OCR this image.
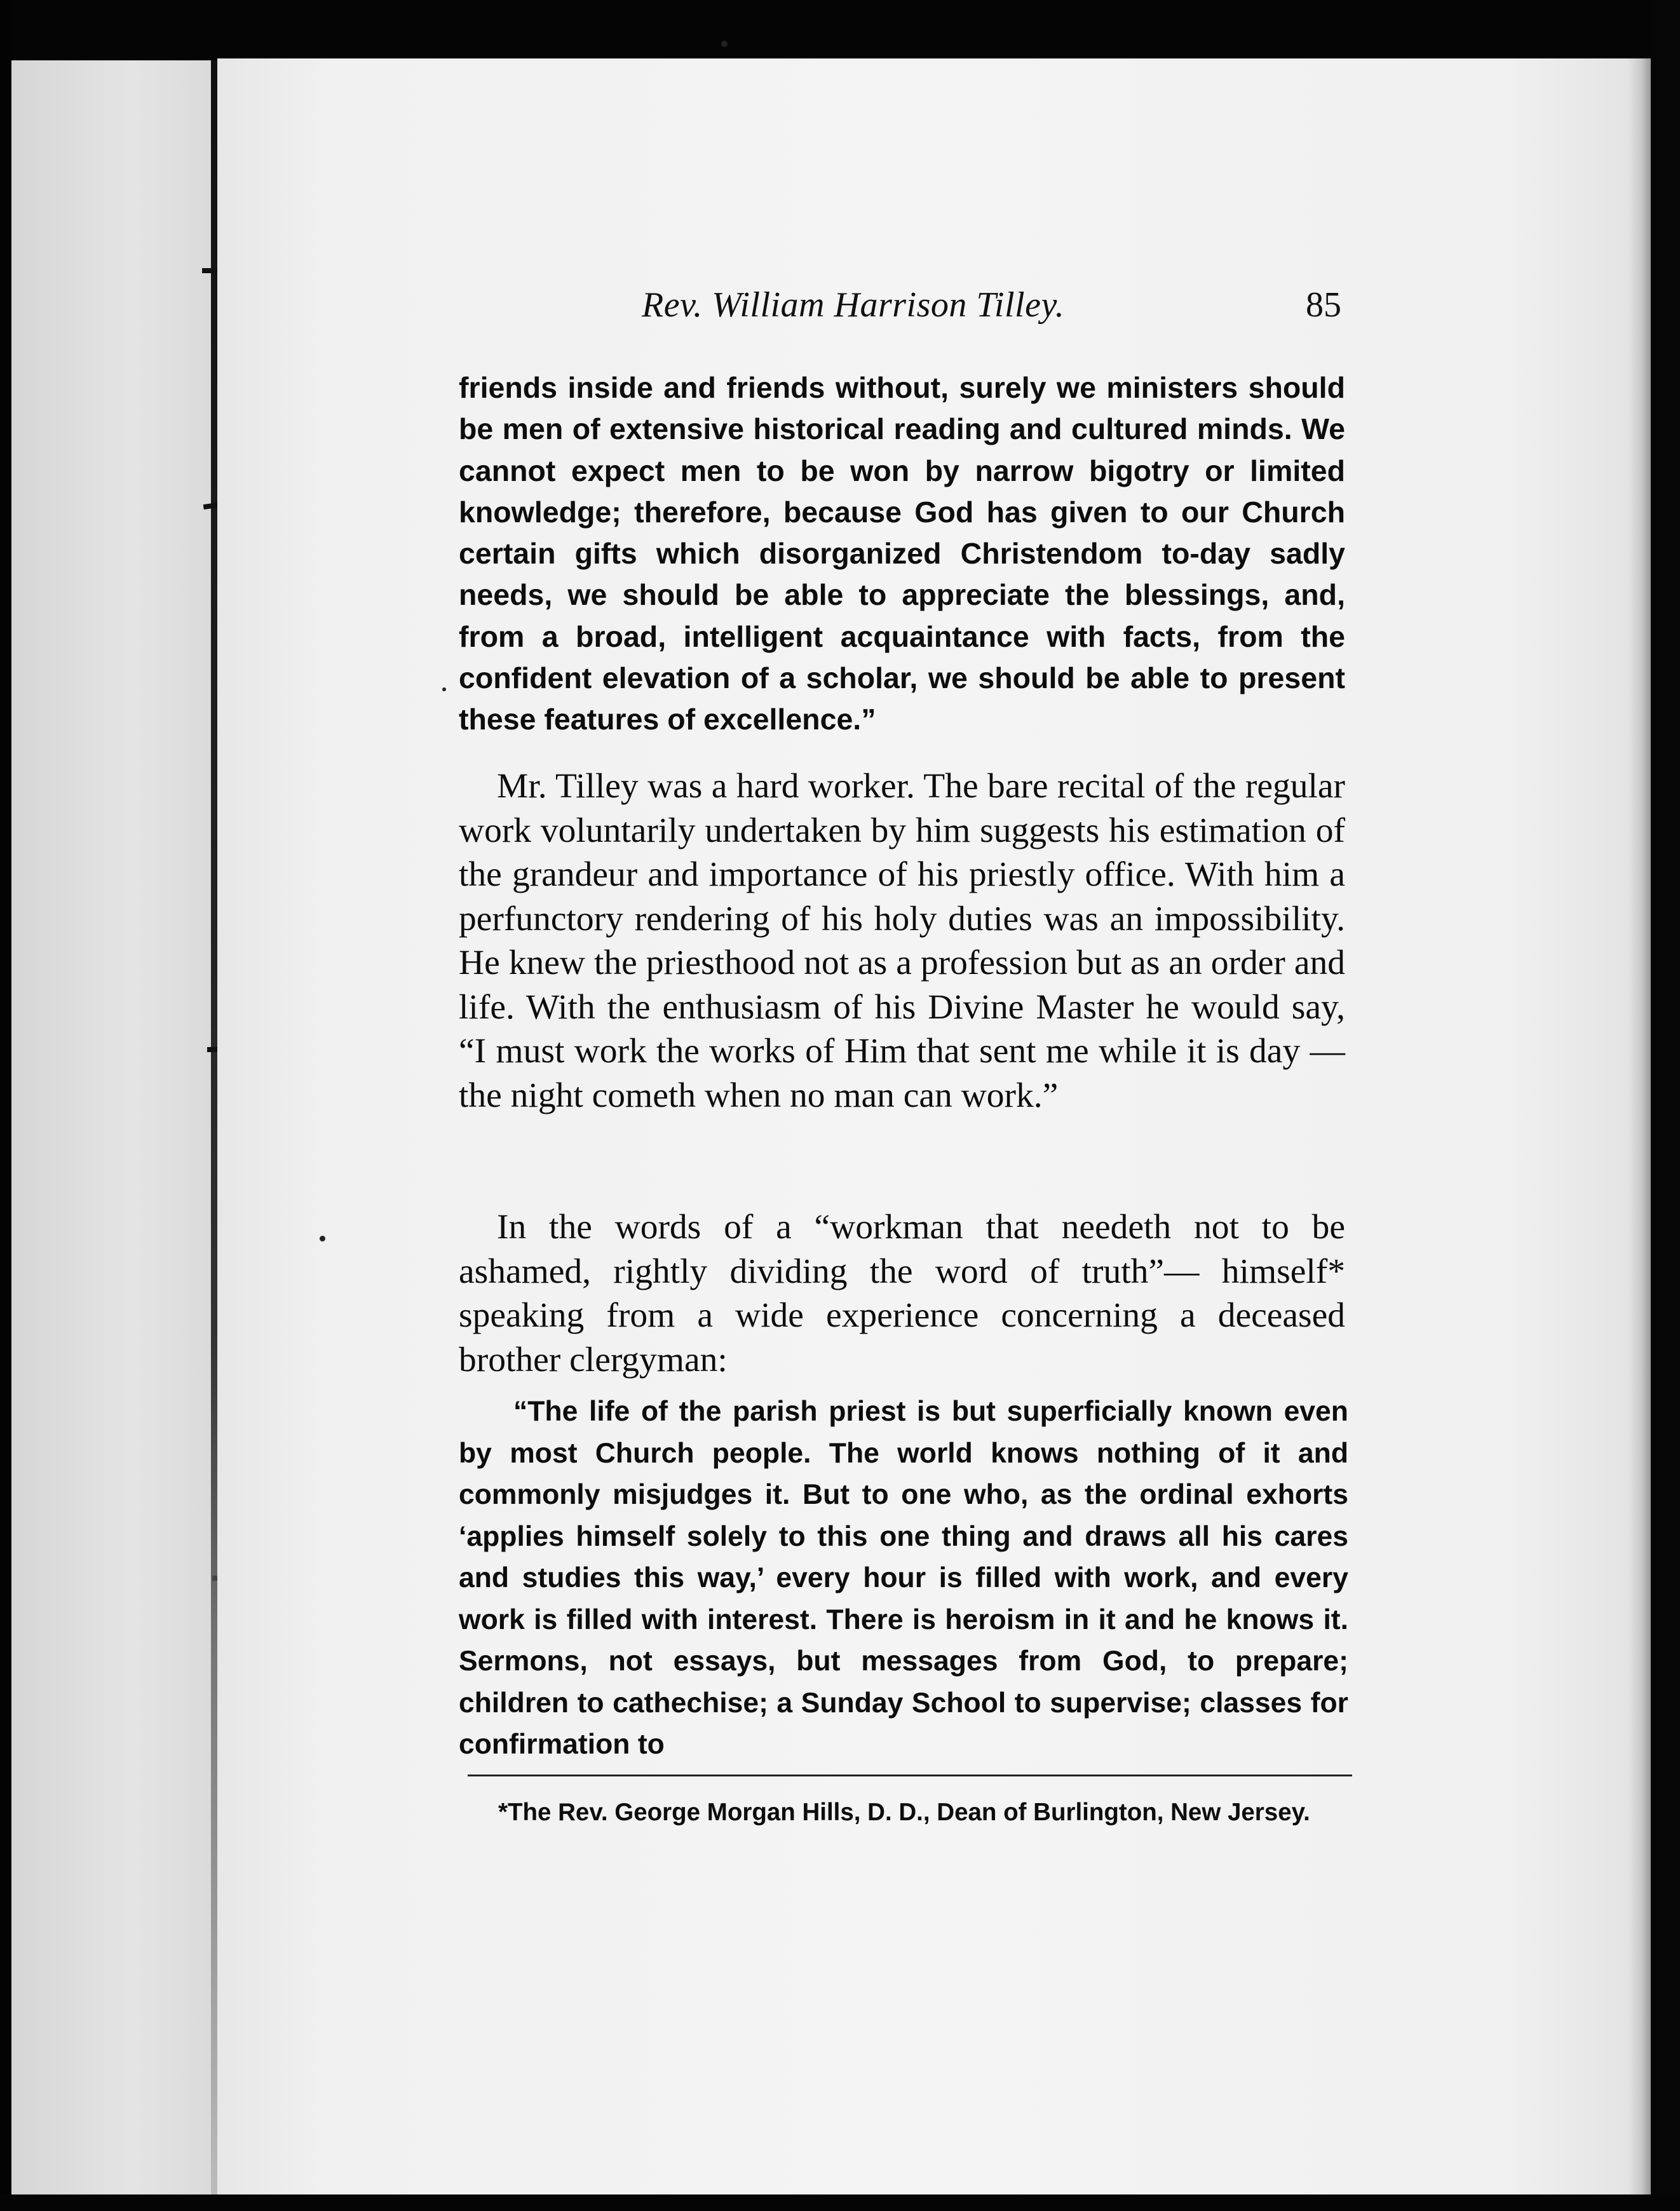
Rev. William Harrison Tilley.	85
friends inside and friends without, surely we ministers should be men of extensive historical reading and cultured minds. We cannot expect men to be won by narrow bigotry or limited knowledge; therefore, because God has given to our Church certain gifts which disorganized Christendom to-day sadly needs, we should be able to appreciate the blessings, and, from a broad, intelligent acquaintance with facts, from the confident elevation of a scholar, we should be able to present these features of excellence.”
Mr. Tilley was a hard worker. The bare recital of the regular work voluntarily undertaken by him suggests his estimation of the grandeur and importance of his priestly office. With him a perfunctory rendering of his holy duties was an impossibility. He knew the priesthood not as a profession but as an order and life. With the enthusiasm of his Divine Master he would say, “I must work the works of Him that sent me while it is day — the night cometh when no man can work.”
In the words of a “workman that needeth not to be ashamed, rightly dividing the word of truth”— himself* speaking from a wide experience concerning a deceased brother clergyman:
“The life of the parish priest is but superficially known even by most Church people. The world knows nothing of it and commonly misjudges it. But to one who, as the ordinal exhorts ‘applies himself solely to this one thing and draws all his cares and studies this way,’ every hour is filled with work, and every work is filled with interest. There is heroism in it and he knows it. Sermons, not essays, but messages from God, to prepare; children to cathechise; a Sunday School to supervise; classes for confirmation to
*The Rev. George Morgan Hills, D. D., Dean of Burlington, New Jersey.
